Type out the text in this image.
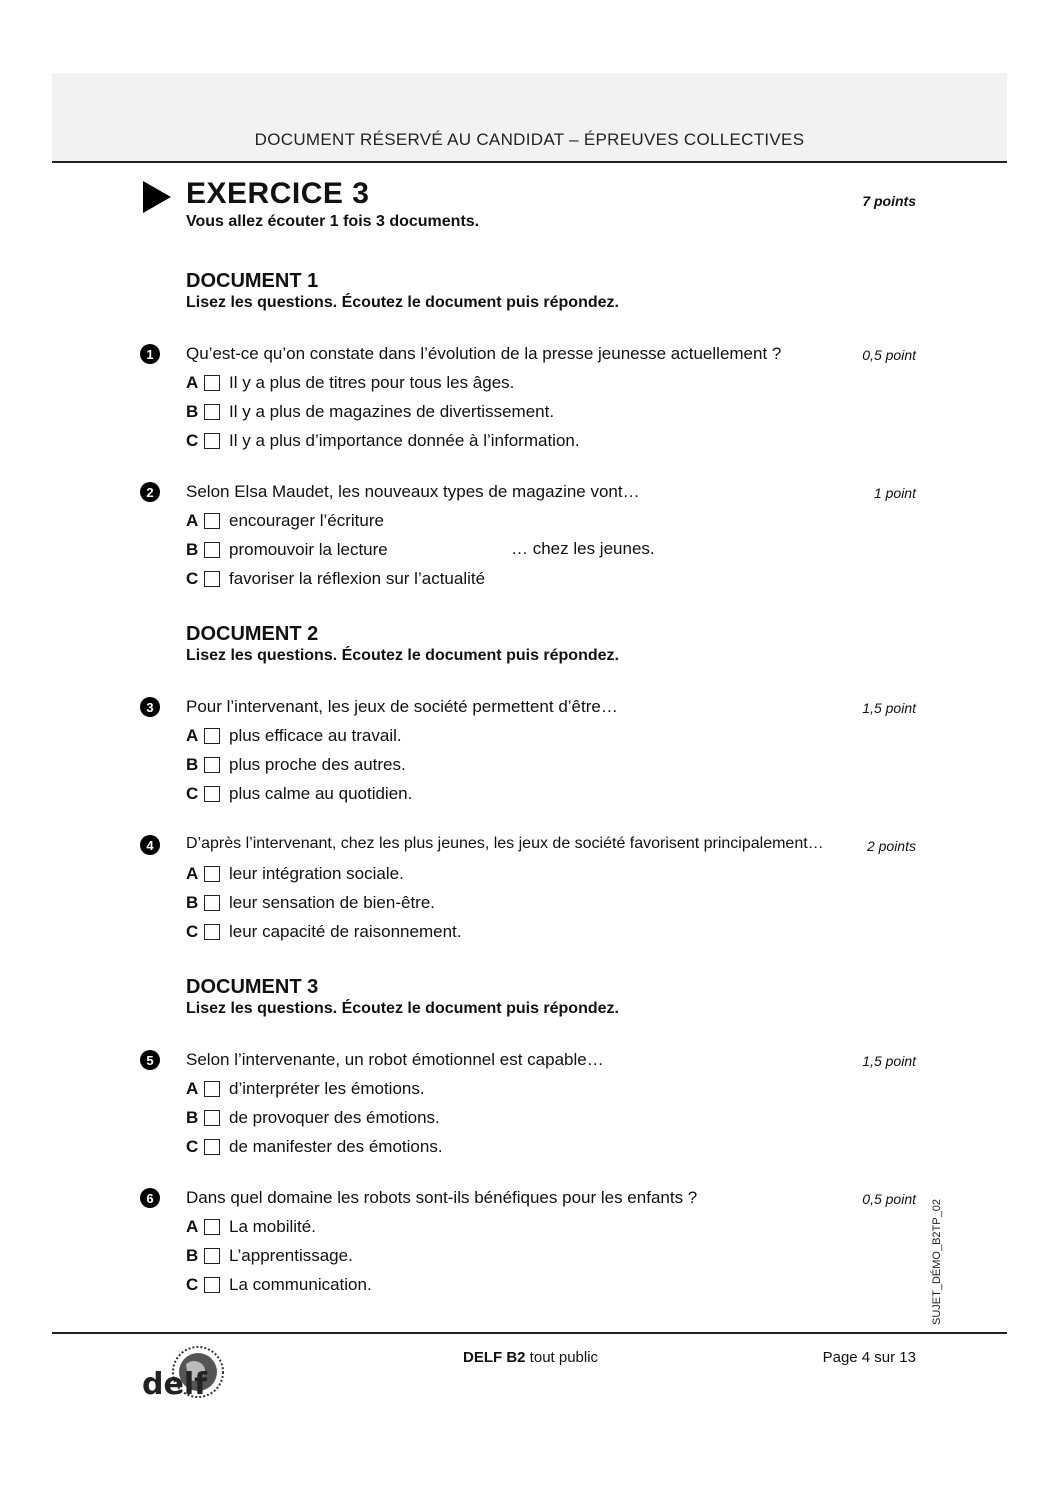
DOCUMENT RÉSERVÉ AU CANDIDAT – ÉPREUVES COLLECTIVES
EXERCICE 3
Vous allez écouter 1 fois 3 documents.
7 points
DOCUMENT 1
Lisez les questions. Écoutez le document puis répondez.
1	Qu’est-ce qu’on constate dans l’évolution de la presse jeunesse actuellement ?	0,5 point
A	Il y a plus de titres pour tous les âges.
B	Il y a plus de magazines de divertissement.
C	Il y a plus d’importance donnée à l’information.
2	Selon Elsa Maudet, les nouveaux types de magazine vont…	1 point
A	encourager l’écriture
B	promouvoir la lecture	… chez les jeunes.
C	favoriser la réflexion sur l’actualité
DOCUMENT 2
Lisez les questions. Écoutez le document puis répondez.
3	Pour l’intervenant, les jeux de société permettent d’être…	1,5 point
A	plus efficace au travail.
B	plus proche des autres.
C	plus calme au quotidien.
4	D’après l’intervenant, chez les plus jeunes, les jeux de société favorisent principalement…	2 points
A	leur intégration sociale.
B	leur sensation de bien-être.
C	leur capacité de raisonnement.
DOCUMENT 3
Lisez les questions. Écoutez le document puis répondez.
5	Selon l’intervenante, un robot émotionnel est capable…	1,5 point
A	d’interpréter les émotions.
B	de provoquer des émotions.
C	de manifester des émotions.
6	Dans quel domaine les robots sont-ils bénéfiques pour les enfants ?	0,5 point
A	La mobilité.
B	L’apprentissage.
C	La communication.	SUJET_DÉMO_B2TP_02
delf
DELF B2 tout public	Page 4 sur 13
